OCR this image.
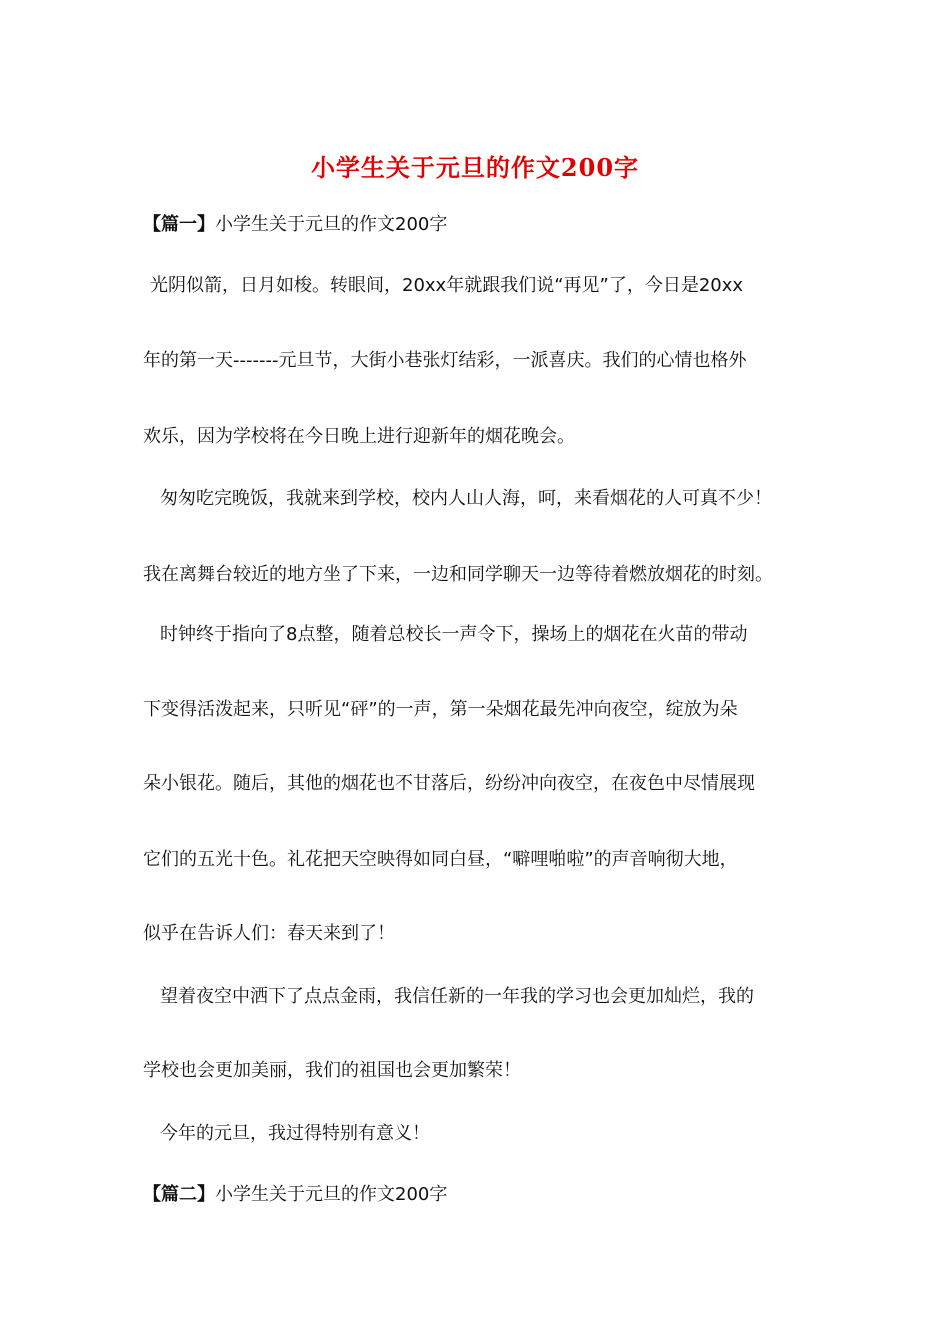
小学生关于元旦的作文200字
【篇一】小学生关于元旦的作文200字
光阴似箭，日月如梭。转眼间，20xx年就跟我们说“再见”了，今日是20xx
年的第一天-------元旦节，大街小巷张灯结彩，一派喜庆。我们的心情也格外
欢乐，因为学校将在今日晚上进行迎新年的烟花晚会。
匆匆吃完晚饭，我就来到学校，校内人山人海，呵，来看烟花的人可真不少！
我在离舞台较近的地方坐了下来，一边和同学聊天一边等待着燃放烟花的时刻。
时钟终于指向了8点整，随着总校长一声令下，操场上的烟花在火苗的带动
下变得活泼起来，只听见“砰”的一声，第一朵烟花最先冲向夜空，绽放为朵
朵小银花。随后，其他的烟花也不甘落后，纷纷冲向夜空，在夜色中尽情展现
它们的五光十色。礼花把天空映得如同白昼，“噼哩啪啦”的声音响彻大地，
似乎在告诉人们：春天来到了！
望着夜空中洒下了点点金雨，我信任新的一年我的学习也会更加灿烂，我的
学校也会更加美丽，我们的祖国也会更加繁荣！
今年的元旦，我过得特别有意义！
【篇二】小学生关于元旦的作文200字
